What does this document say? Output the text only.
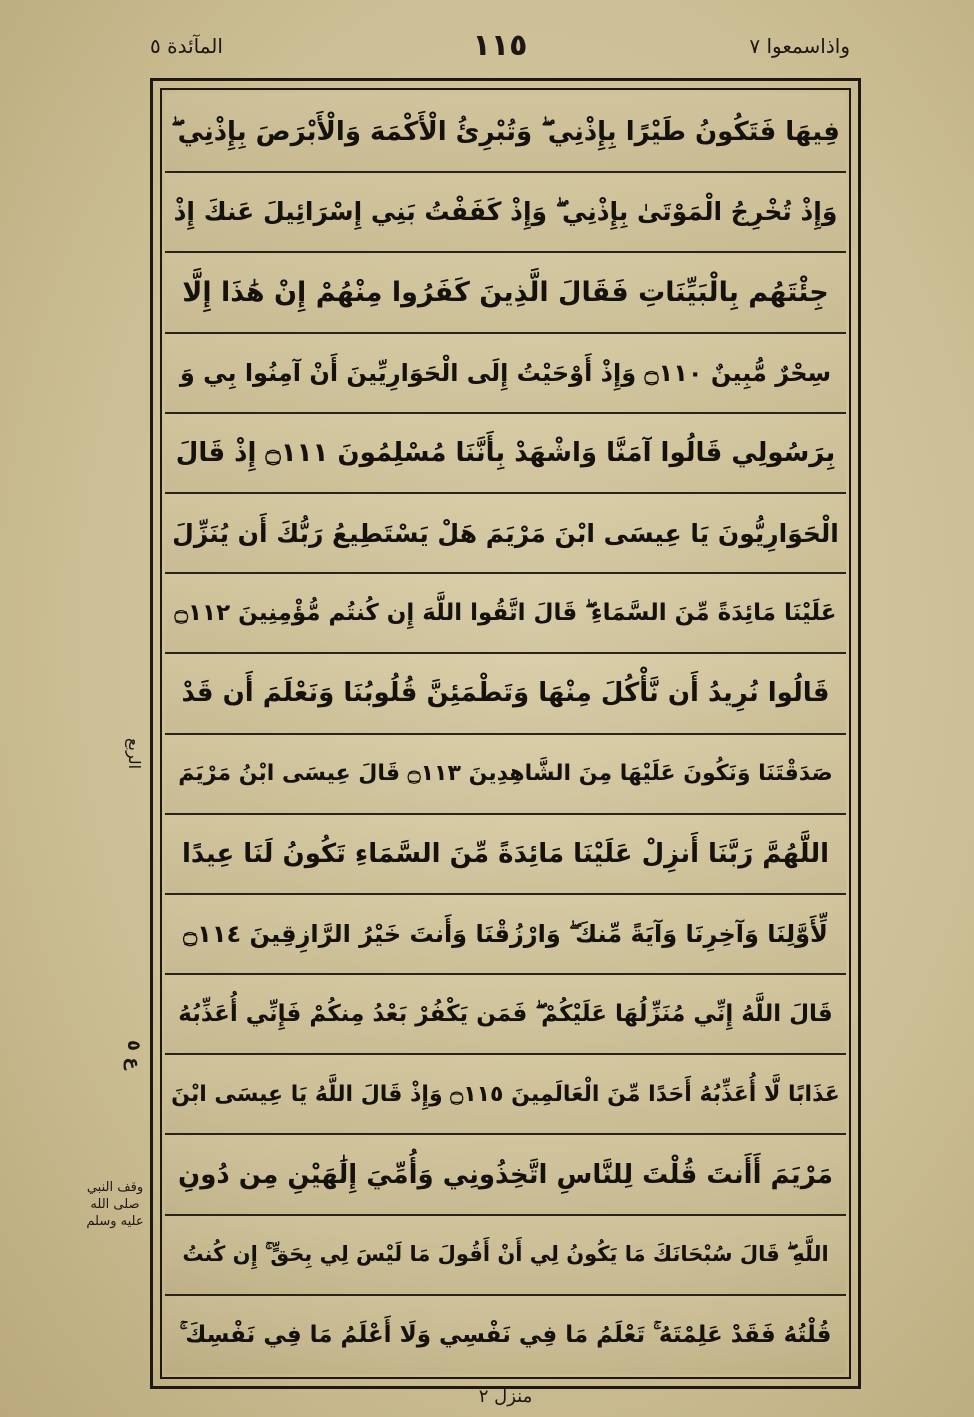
واذاسمعوا ٧
١١٥
المآئدة ٥
فِيهَا فَتَكُونُ طَيْرًا بِإِذْنِي ۖ وَتُبْرِئُ الْأَكْمَهَ وَالْأَبْرَصَ بِإِذْنِي ۖ
وَإِذْ تُخْرِجُ الْمَوْتَىٰ بِإِذْنِي ۖ وَإِذْ كَفَفْتُ بَنِي إِسْرَائِيلَ عَنكَ إِذْ
جِئْتَهُم بِالْبَيِّنَاتِ فَقَالَ الَّذِينَ كَفَرُوا مِنْهُمْ إِنْ هَٰذَا إِلَّا
سِحْرٌ مُّبِينٌ ۝١١٠ وَإِذْ أَوْحَيْتُ إِلَى الْحَوَارِيِّينَ أَنْ آمِنُوا بِي وَ
بِرَسُولِي قَالُوا آمَنَّا وَاشْهَدْ بِأَنَّنَا مُسْلِمُونَ ۝١١١ إِذْ قَالَ
الْحَوَارِيُّونَ يَا عِيسَى ابْنَ مَرْيَمَ هَلْ يَسْتَطِيعُ رَبُّكَ أَن يُنَزِّلَ
عَلَيْنَا مَائِدَةً مِّنَ السَّمَاءِ ۖ قَالَ اتَّقُوا اللَّهَ إِن كُنتُم مُّؤْمِنِينَ ۝١١٢
قَالُوا نُرِيدُ أَن نَّأْكُلَ مِنْهَا وَتَطْمَئِنَّ قُلُوبُنَا وَنَعْلَمَ أَن قَدْ
صَدَقْتَنَا وَنَكُونَ عَلَيْهَا مِنَ الشَّاهِدِينَ ۝١١٣ قَالَ عِيسَى ابْنُ مَرْيَمَ
اللَّهُمَّ رَبَّنَا أَنزِلْ عَلَيْنَا مَائِدَةً مِّنَ السَّمَاءِ تَكُونُ لَنَا عِيدًا
لِّأَوَّلِنَا وَآخِرِنَا وَآيَةً مِّنكَ ۖ وَارْزُقْنَا وَأَنتَ خَيْرُ الرَّازِقِينَ ۝١١٤
قَالَ اللَّهُ إِنِّي مُنَزِّلُهَا عَلَيْكُمْ ۖ فَمَن يَكْفُرْ بَعْدُ مِنكُمْ فَإِنِّي أُعَذِّبُهُ
عَذَابًا لَّا أُعَذِّبُهُ أَحَدًا مِّنَ الْعَالَمِينَ ۝١١٥ وَإِذْ قَالَ اللَّهُ يَا عِيسَى ابْنَ
مَرْيَمَ أَأَنتَ قُلْتَ لِلنَّاسِ اتَّخِذُونِي وَأُمِّيَ إِلَٰهَيْنِ مِن دُونِ
اللَّهِ ۖ قَالَ سُبْحَانَكَ مَا يَكُونُ لِي أَنْ أَقُولَ مَا لَيْسَ لِي بِحَقٍّ ۚ إِن كُنتُ
قُلْتُهُ فَقَدْ عَلِمْتَهُ ۚ تَعْلَمُ مَا فِي نَفْسِي وَلَا أَعْلَمُ مَا فِي نَفْسِكَ ۚ
الربع
ع ٥
وقف النبي صلى الله عليه وسلم
منزل ٢
